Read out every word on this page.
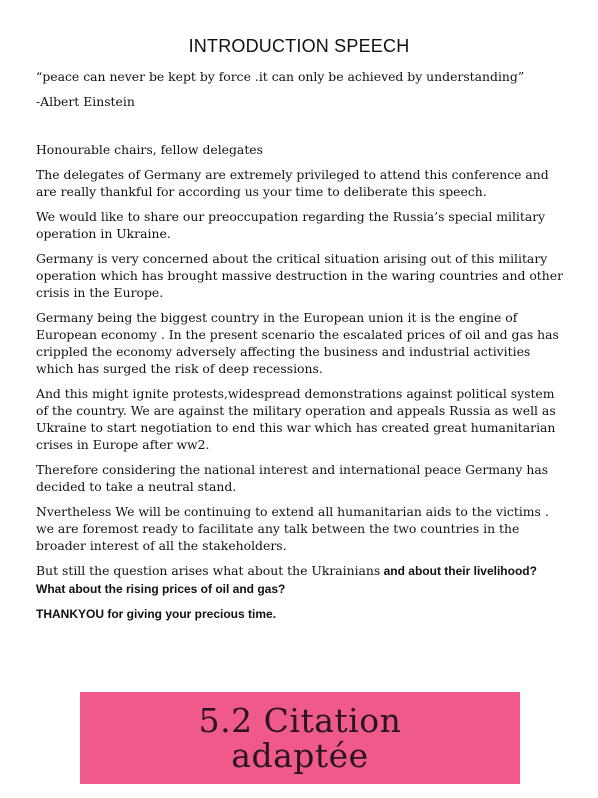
INTRODUCTION SPEECH

“peace can never be kept by force .it can only be achieved by understanding”

-Albert Einstein

Honourable chairs, fellow delegates

The delegates of Germany are extremely privileged to attend this conference and are really thankful for according us your time to deliberate this speech.

We would like to share our preoccupation regarding the Russia’s special military operation in Ukraine.

Germany is very concerned about the critical situation arising out of this military operation which has brought massive destruction in the waring countries and other crisis in the Europe.

Germany being the biggest country in the European union it is the engine of European economy . In the present scenario the escalated prices of oil and gas has crippled the economy adversely affecting the business and industrial activities which has surged the risk of deep recessions.

And this might ignite protests,widespread demonstrations against political system of the country. We are against the military operation and appeals Russia as well as Ukraine to start negotiation to end this war which has created great humanitarian crises in Europe after ww2.

Therefore considering the national interest and international peace Germany has decided to take a neutral stand.

Nvertheless We will be continuing to extend all humanitarian aids to the victims . we are foremost ready to facilitate any talk between the two countries in the broader interest of all the stakeholders.

But still the question arises what about the Ukrainians and about their livelihood? What about the rising prices of oil and gas?

THANKYOU for giving your precious time.

5.2 Citation
adaptée
